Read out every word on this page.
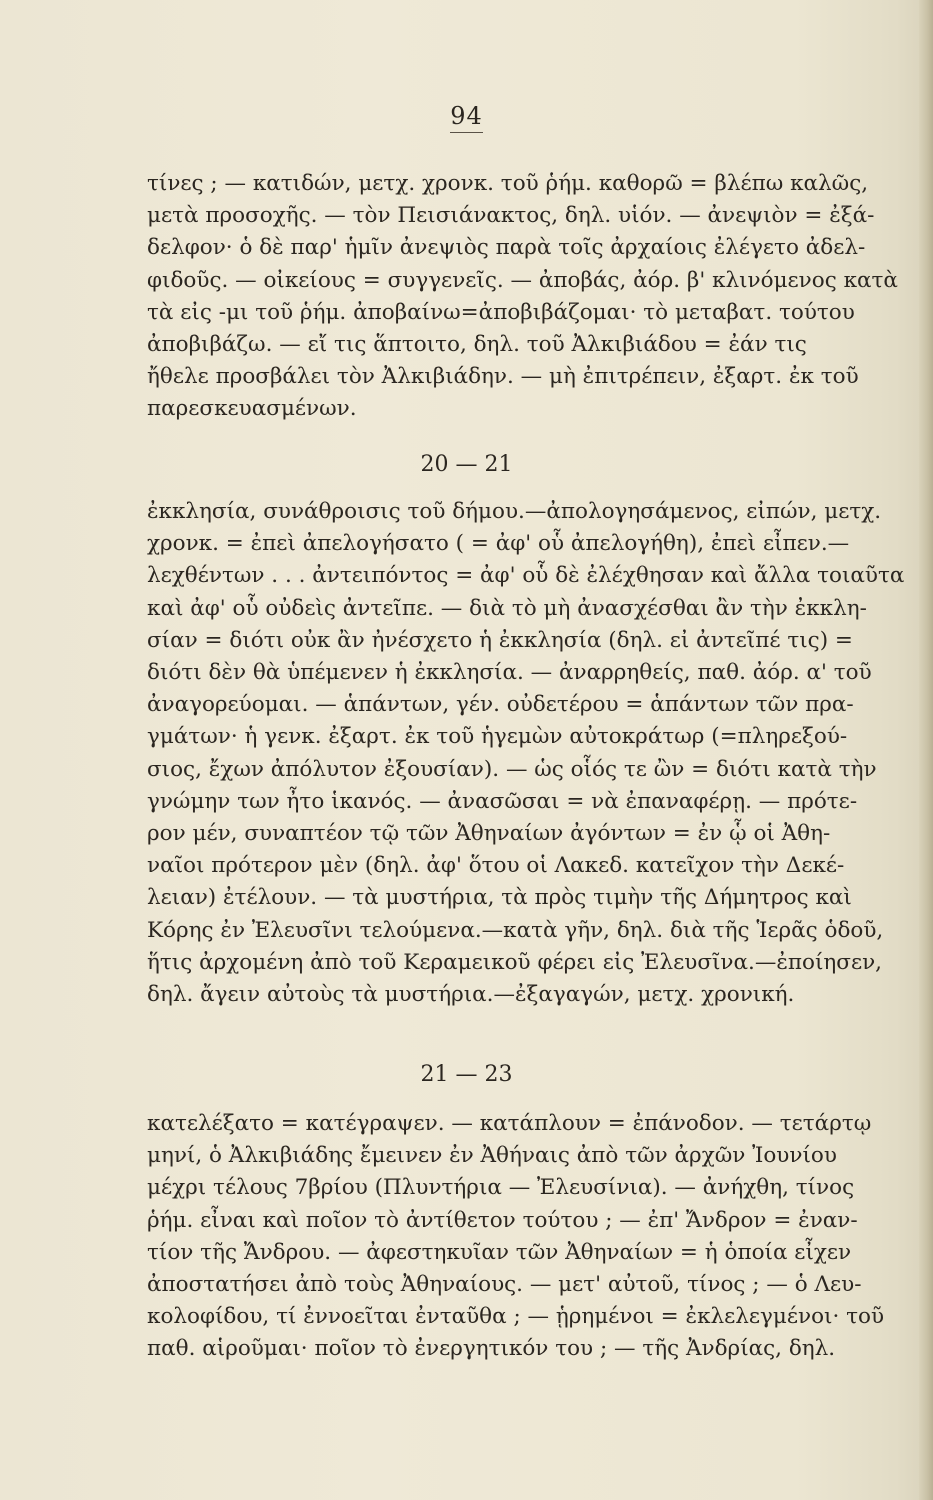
94
τίνες ; — κατιδών, μετχ. χρονκ. τοῦ ῥήμ. καθορῶ = βλέπω καλῶς,
μετὰ προσοχῆς. — τὸν Πεισιάνακτος, δηλ. υἱόν. — ἀνεψιὸν = ἐξά-
δελφον· ὁ δὲ παρ' ἡμῖν ἀνεψιὸς παρὰ τοῖς ἀρχαίοις ἐλέγετο ἀδελ-
φιδοῦς. — οἰκείους = συγγενεῖς. — ἀποβάς, ἀόρ. β' κλινόμενος κατὰ
τὰ εἰς -μι τοῦ ῥήμ. ἀποβαίνω=ἀποβιβάζομαι· τὸ μεταβατ. τούτου
ἀποβιβάζω. — εἴ τις ἅπτοιτο, δηλ. τοῦ Ἀλκιβιάδου = ἐάν τις
ἤθελε προσβάλει τὸν Ἀλκιβιάδην. — μὴ ἐπιτρέπειν, ἐξαρτ. ἐκ τοῦ
παρεσκευασμένων.
20 — 21
ἐκκλησία, συνάθροισις τοῦ δήμου.—ἀπολογησάμενος, εἰπών, μετχ.
χρονκ. = ἐπεὶ ἀπελογήσατο ( = ἀφ' οὗ ἀπελογήθη), ἐπεὶ εἶπεν.—
λεχθέντων . . . ἀντειπόντος = ἀφ' οὗ δὲ ἐλέχθησαν καὶ ἄλλα τοιαῦτα
καὶ ἀφ' οὗ οὐδεὶς ἀντεῖπε. — διὰ τὸ μὴ ἀνασχέσθαι ἂν τὴν ἐκκλη-
σίαν = διότι οὐκ ἂν ἠνέσχετο ἡ ἐκκλησία (δηλ. εἰ ἀντεῖπέ τις) =
διότι δὲν θὰ ὑπέμενεν ἡ ἐκκλησία. — ἀναρρηθείς, παθ. ἀόρ. α' τοῦ
ἀναγορεύομαι. — ἁπάντων, γέν. οὐδετέρου = ἁπάντων τῶν πρα-
γμάτων· ἡ γενκ. ἐξαρτ. ἐκ τοῦ ἡγεμὼν αὐτοκράτωρ (=πληρεξού-
σιος, ἔχων ἀπόλυτον ἐξουσίαν). — ὡς οἷός τε ὢν = διότι κατὰ τὴν
γνώμην των ἦτο ἱκανός. — ἀνασῶσαι = νὰ ἐπαναφέρῃ. — πρότε-
ρον μέν, συναπτέον τῷ τῶν Ἀθηναίων ἀγόντων = ἐν ᾧ οἱ Ἀθη-
ναῖοι πρότερον μὲν (δηλ. ἀφ' ὅτου οἱ Λακεδ. κατεῖχον τὴν Δεκέ-
λειαν) ἐτέλουν. — τὰ μυστήρια, τὰ πρὸς τιμὴν τῆς Δήμητρος καὶ
Κόρης ἐν Ἐλευσῖνι τελούμενα.—κατὰ γῆν, δηλ. διὰ τῆς Ἱερᾶς ὁδοῦ,
ἥτις ἀρχομένη ἀπὸ τοῦ Κεραμεικοῦ φέρει εἰς Ἐλευσῖνα.—ἐποίησεν,
δηλ. ἄγειν αὐτοὺς τὰ μυστήρια.—ἐξαγαγών, μετχ. χρονική.
21 — 23
κατελέξατο = κατέγραψεν. — κατάπλουν = ἐπάνοδον. — τετάρτῳ
μηνί, ὁ Ἀλκιβιάδης ἔμεινεν ἐν Ἀθήναις ἀπὸ τῶν ἀρχῶν Ἰουνίου
μέχρι τέλους 7βρίου (Πλυντήρια — Ἐλευσίνια). — ἀνήχθη, τίνος
ῥήμ. εἶναι καὶ ποῖον τὸ ἀντίθετον τούτου ; — ἐπ' Ἄνδρον = ἐναν-
τίον τῆς Ἄνδρου. — ἀφεστηκυῖαν τῶν Ἀθηναίων = ἡ ὁποία εἶχεν
ἀποστατήσει ἀπὸ τοὺς Ἀθηναίους. — μετ' αὐτοῦ, τίνος ; — ὁ Λευ-
κολοφίδου, τί ἐννοεῖται ἐνταῦθα ; — ᾑρημένοι = ἐκλελεγμένοι· τοῦ
παθ. αἱροῦμαι· ποῖον τὸ ἐνεργητικόν του ; — τῆς Ἀνδρίας, δηλ.
